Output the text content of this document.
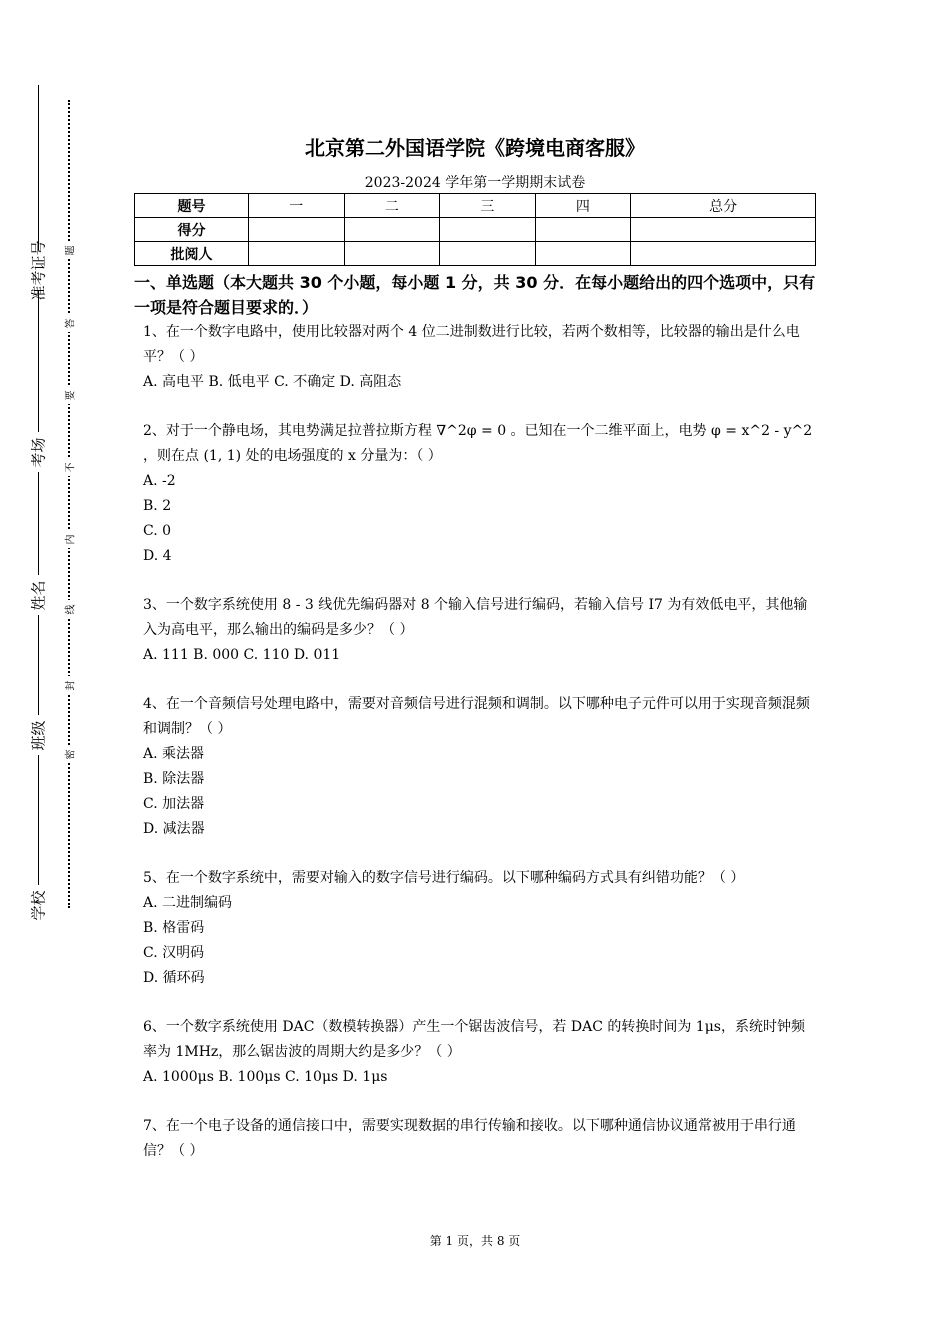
准考证号
考场
姓名
班级
学校
题
答
要
不
内
线
封
密
北京第二外国语学院《跨境电商客服》
2023-2024 学年第一学期期末试卷
题号	一	二	三	四	总分
得分					
批阅人					
一、单选题（本大题共 30 个小题，每小题 1 分，共 30 分．在每小题给出的四个选项中，只有一项是符合题目要求的．）
1、在一个数字电路中，使用比较器对两个 4 位二进制数进行比较，若两个数相等，比较器的输出是什么电平？（ ）
A. 高电平 B. 低电平 C. 不确定 D. 高阻态
2、对于一个静电场，其电势满足拉普拉斯方程 ∇^2φ = 0 。已知在一个二维平面上，电势 φ = x^2 - y^2 ，则在点 (1, 1) 处的电场强度的 x 分量为：（ ）
A. -2
B. 2
C. 0
D. 4
3、一个数字系统使用 8 - 3 线优先编码器对 8 个输入信号进行编码，若输入信号 I7 为有效低电平，其他输入为高电平，那么输出的编码是多少？（ ）
A. 111 B. 000 C. 110 D. 011
4、在一个音频信号处理电路中，需要对音频信号进行混频和调制。以下哪种电子元件可以用于实现音频混频和调制？（ ）
A. 乘法器
B. 除法器
C. 加法器
D. 减法器
5、在一个数字系统中，需要对输入的数字信号进行编码。以下哪种编码方式具有纠错功能？（ ）
A. 二进制编码
B. 格雷码
C. 汉明码
D. 循环码
6、一个数字系统使用 DAC（数模转换器）产生一个锯齿波信号，若 DAC 的转换时间为 1μs，系统时钟频率为 1MHz，那么锯齿波的周期大约是多少？（ ）
A. 1000μs B. 100μs C. 10μs D. 1μs
7、在一个电子设备的通信接口中，需要实现数据的串行传输和接收。以下哪种通信协议通常被用于串行通信？（ ）
第 1 页，共 8 页
